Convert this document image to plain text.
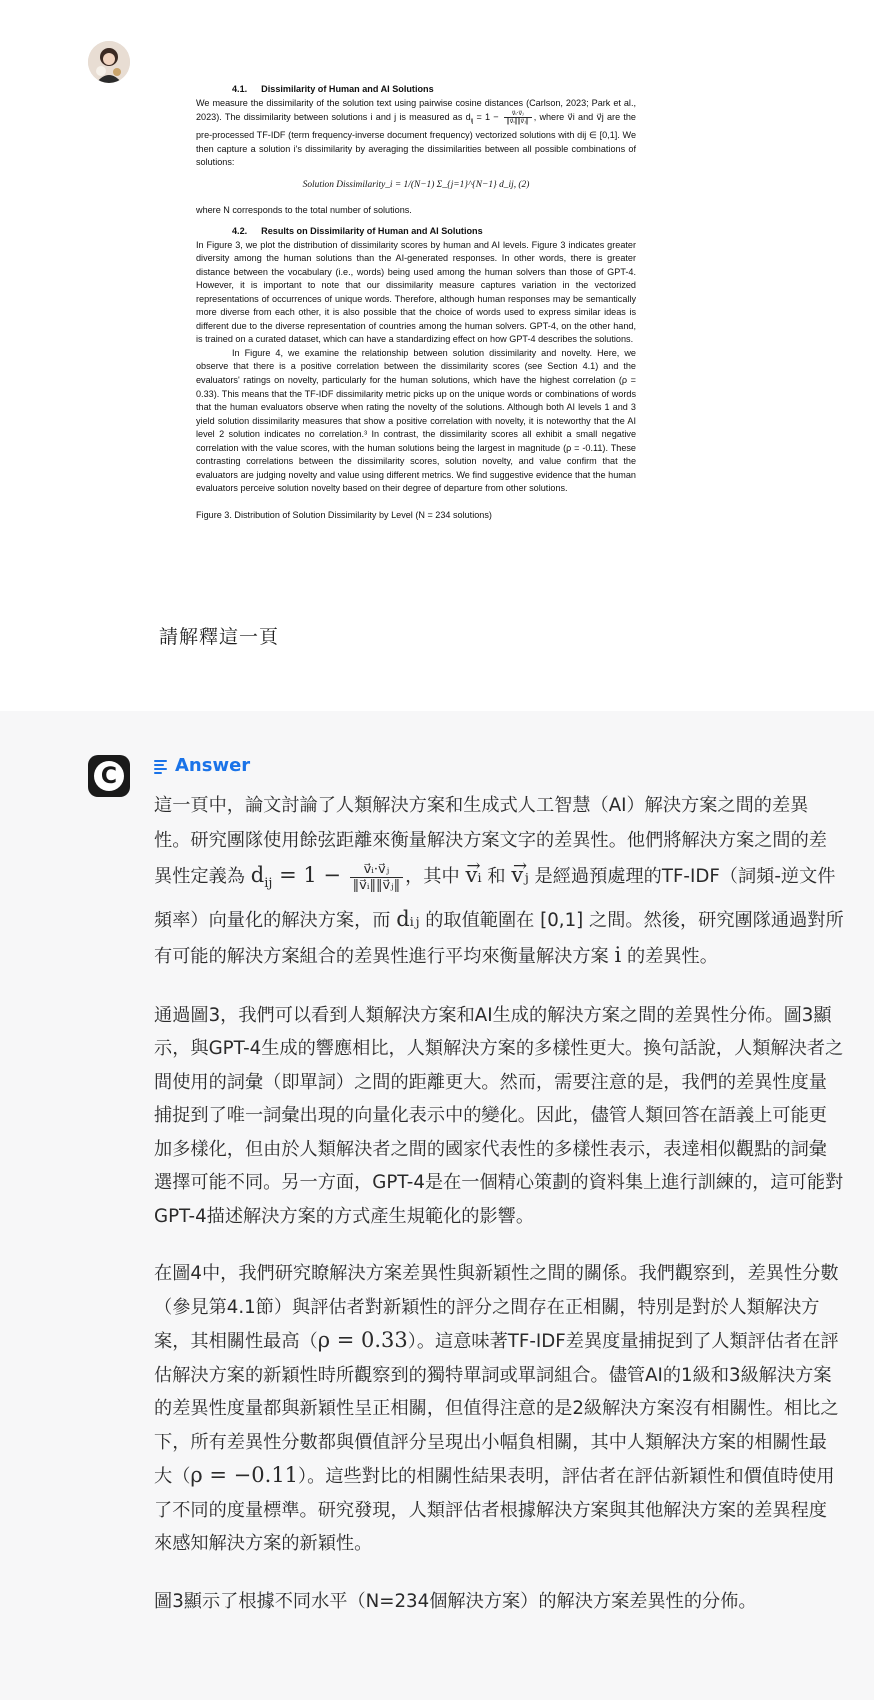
4.1. Dissimilarity of Human and AI Solutions

We measure the dissimilarity of the solution text using pairwise cosine distances (Carlson, 2023; Park et al., 2023). The dissimilarity between solutions i and j is measured as $d_{ij} = 1 - \frac{\text{v⃗ᵢ·v⃗ⱼ}}{\text{‖v⃗ᵢ‖‖v⃗ⱼ‖}}$ , where v⃗i and v⃗j are the pre-processed TF-IDF (term frequency-inverse document frequency) vectorized solutions with dij ∈ [0,1]. We then capture a solution i's dissimilarity by averaging the dissimilarities between all possible combinations of solutions:

Solution Dissimilarity_i = 1/(N−1) Σ_{j=1}^{N−1} d_ij, (2)

where N corresponds to the total number of solutions.

4.2. Results on Dissimilarity of Human and AI Solutions

In Figure 3, we plot the distribution of dissimilarity scores by human and AI levels. Figure 3 indicates greater diversity among the human solutions than the AI-generated responses. In other words, there is greater distance between the vocabulary (i.e., words) being used among the human solvers than those of GPT-4. However, it is important to note that our dissimilarity measure captures variation in the vectorized representations of occurrences of unique words. Therefore, although human responses may be semantically more diverse from each other, it is also possible that the choice of words used to express similar ideas is different due to the diverse representation of countries among the human solvers. GPT-4, on the other hand, is trained on a curated dataset, which can have a standardizing effect on how GPT-4 describes the solutions.

In Figure 4, we examine the relationship between solution dissimilarity and novelty. Here, we observe that there is a positive correlation between the dissimilarity scores (see Section 4.1) and the evaluators' ratings on novelty, particularly for the human solutions, which have the highest correlation (ρ = 0.33). This means that the TF-IDF dissimilarity metric picks up on the unique words or combinations of words that the human evaluators observe when rating the novelty of the solutions. Although both AI levels 1 and 3 yield solution dissimilarity measures that show a positive correlation with novelty, it is noteworthy that the AI level 2 solution indicates no correlation.³ In contrast, the dissimilarity scores all exhibit a small negative correlation with the value scores, with the human solutions being the largest in magnitude (ρ = -0.11). These contrasting correlations between the dissimilarity scores, solution novelty, and value confirm that the evaluators are judging novelty and value using different metrics. We find suggestive evidence that the human evaluators perceive solution novelty based on their degree of departure from other solutions.

Figure 3. Distribution of Solution Dissimilarity by Level (N = 234 solutions)

請解釋這一頁
C	Answer

這一頁中，論文討論了人類解決方案和生成式人工智慧（AI）解決方案之間的差異性。研究團隊使用餘弦距離來衡量解決方案文字的差異性。他們將解決方案之間的差異性定義為 $d_{ij} = 1 - \frac{\text{v⃗ᵢ·v⃗ⱼ}}{\text{‖v⃗ᵢ‖‖v⃗ⱼ‖}}$ ，其中 → vᵢ 和 → vⱼ 是經過預處理的TF-IDF（詞頻-逆文件頻率）向量化的解決方案，而 dᵢⱼ 的取值範圍在 [0,1] 之間。然後，研究團隊通過對所有可能的解決方案組合的差異性進行平均來衡量解決方案 i 的差異性。

通過圖3，我們可以看到人類解決方案和AI生成的解決方案之間的差異性分佈。圖3顯示，與GPT-4生成的響應相比，人類解決方案的多樣性更大。換句話說，人類解決者之間使用的詞彙（即單詞）之間的距離更大。然而，需要注意的是，我們的差異性度量捕捉到了唯一詞彙出現的向量化表示中的變化。因此，儘管人類回答在語義上可能更加多樣化，但由於人類解決者之間的國家代表性的多樣性表示，表達相似觀點的詞彙選擇可能不同。另一方面，GPT-4是在一個精心策劃的資料集上進行訓練的，這可能對GPT-4描述解決方案的方式產生規範化的影響。

在圖4中，我們研究瞭解決方案差異性與新穎性之間的關係。我們觀察到，差異性分數（參見第4.1節）與評估者對新穎性的評分之間存在正相關，特別是對於人類解決方案，其相關性最高（ρ = 0.33）。這意味著TF-IDF差異度量捕捉到了人類評估者在評估解決方案的新穎性時所觀察到的獨特單詞或單詞組合。儘管AI的1級和3級解決方案的差異性度量都與新穎性呈正相關，但值得注意的是2級解決方案沒有相關性。相比之下，所有差異性分數都與價值評分呈現出小幅負相關，其中人類解決方案的相關性最大（ρ = −0.11）。這些對比的相關性結果表明，評估者在評估新穎性和價值時使用了不同的度量標準。研究發現，人類評估者根據解決方案與其他解決方案的差異程度來感知解決方案的新穎性。

圖3顯示了根據不同水平（N=234個解決方案）的解決方案差異性的分佈。
